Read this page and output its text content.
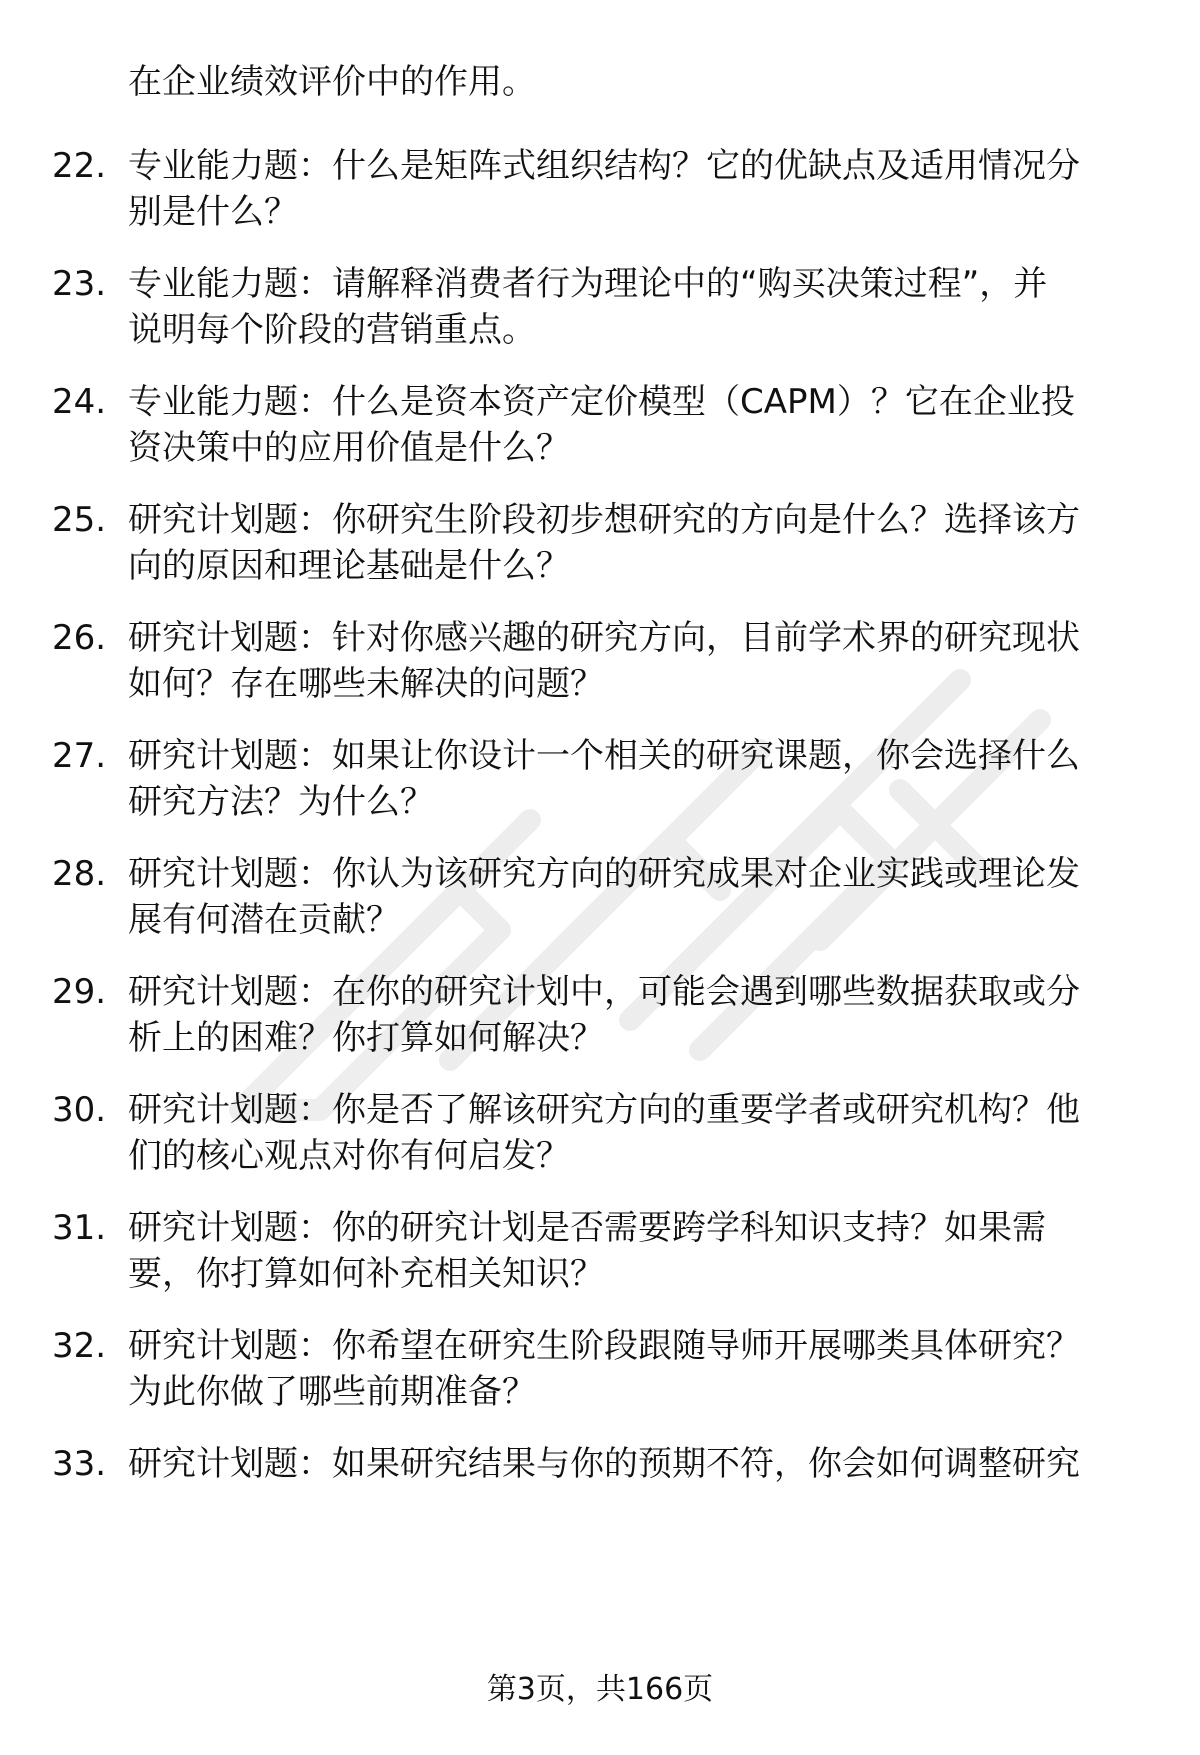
在企业绩效评价中的作用。
22. 专业能力题：什么是矩阵式组织结构？它的优缺点及适用情况分
别是什么？
23. 专业能力题：请解释消费者行为理论中的“购买决策过程”，并
说明每个阶段的营销重点。
24. 专业能力题：什么是资本资产定价模型（CAPM）？它在企业投
资决策中的应用价值是什么？
25. 研究计划题：你研究生阶段初步想研究的方向是什么？选择该方
向的原因和理论基础是什么？
26. 研究计划题：针对你感兴趣的研究方向，目前学术界的研究现状
如何？存在哪些未解决的问题？
27. 研究计划题：如果让你设计一个相关的研究课题，你会选择什么
研究方法？为什么？
28. 研究计划题：你认为该研究方向的研究成果对企业实践或理论发
展有何潜在贡献？
29. 研究计划题：在你的研究计划中，可能会遇到哪些数据获取或分
析上的困难？你打算如何解决？
30. 研究计划题：你是否了解该研究方向的重要学者或研究机构？他
们的核心观点对你有何启发？
31. 研究计划题：你的研究计划是否需要跨学科知识支持？如果需
要，你打算如何补充相关知识？
32. 研究计划题：你希望在研究生阶段跟随导师开展哪类具体研究？
为此你做了哪些前期准备？
33. 研究计划题：如果研究结果与你的预期不符，你会如何调整研究
第3页，共166页
